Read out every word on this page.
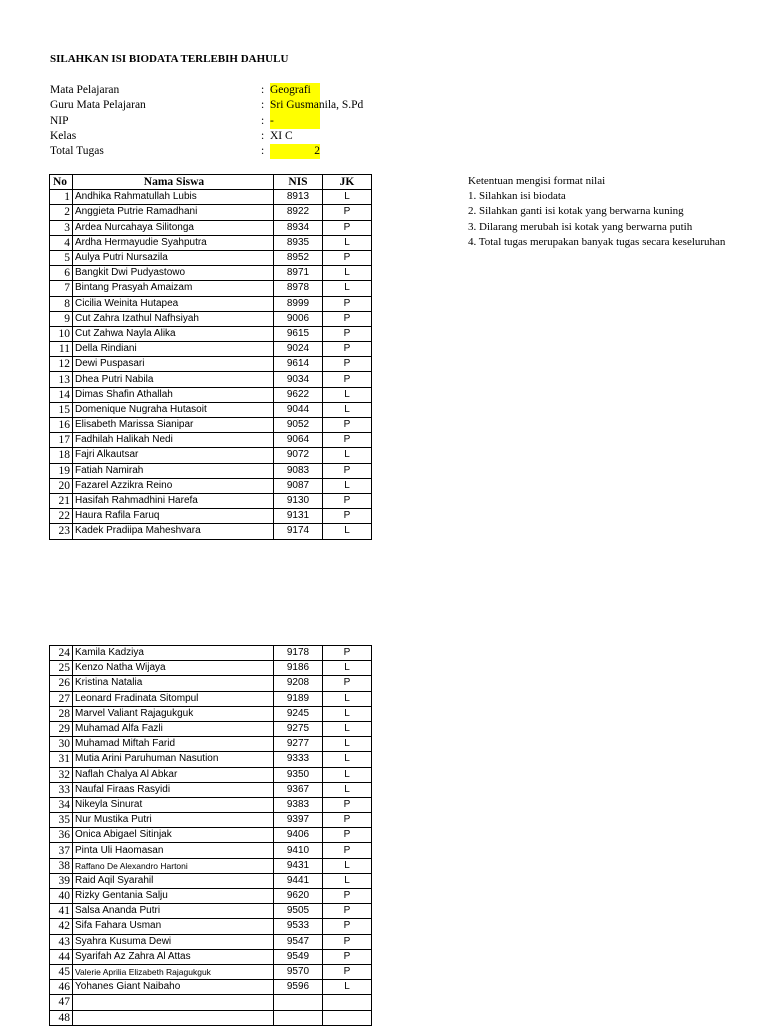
SILAHKAN ISI BIODATA TERLEBIH DAHULU
Mata Pelajaran	: Geografi
Guru Mata Pelajaran	: Sri Gusmanila, S.Pd
NIP	: -
Kelas	: XI C
Total Tugas	:	2
Ketentuan mengisi format nilai
1. Silahkan isi biodata
2. Silahkan ganti isi kotak yang berwarna kuning
3. Dilarang merubah isi kotak yang berwarna putih
4. Total tugas merupakan banyak tugas secara keseluruhan
No	Nama Siswa	NIS	JK
1	Andhika Rahmatullah Lubis	8913	L
2	Anggieta Putrie Ramadhani	8922	P
3	Ardea Nurcahaya Silitonga	8934	P
4	Ardha Hermayudie Syahputra	8935	L
5	Aulya Putri Nursazila	8952	P
6	Bangkit Dwi Pudyastowo	8971	L
7	Bintang Prasyah Amaizam	8978	L
8	Cicilia Weinita Hutapea	8999	P
9	Cut Zahra Izathul Nafhsiyah	9006	P
10	Cut Zahwa Nayla Alika	9615	P
11	Della Rindiani	9024	P
12	Dewi Puspasari	9614	P
13	Dhea Putri Nabila	9034	P
14	Dimas Shafin Athallah	9622	L
15	Domenique Nugraha Hutasoit	9044	L
16	Elisabeth Marissa Sianipar	9052	P
17	Fadhilah Halikah Nedi	9064	P
18	Fajri Alkautsar	9072	L
19	Fatiah Namirah	9083	P
20	Fazarel Azzikra Reino	9087	L
21	Hasifah Rahmadhini Harefa	9130	P
22	Haura Rafila Faruq	9131	P
23	Kadek Pradiipa Maheshvara	9174	L
24	Kamila Kadziya	9178	P
25	Kenzo Natha Wijaya	9186	L
26	Kristina Natalia	9208	P
27	Leonard Fradinata Sitompul	9189	L
28	Marvel Valiant Rajagukguk	9245	L
29	Muhamad Alfa Fazli	9275	L
30	Muhamad Miftah Farid	9277	L
31	Mutia Arini Paruhuman Nasution	9333	L
32	Naflah Chalya Al Abkar	9350	L
33	Naufal Firaas Rasyidi	9367	L
34	Nikeyla Sinurat	9383	P
35	Nur Mustika Putri	9397	P
36	Onica Abigael Sitinjak	9406	P
37	Pinta Uli Haomasan	9410	P
38	Raffano De Alexandro Hartoni	9431	L
39	Raid Aqil Syarahil	9441	L
40	Rizky Gentania Salju	9620	P
41	Salsa Ananda Putri	9505	P
42	Sifa Fahara Usman	9533	P
43	Syahra Kusuma Dewi	9547	P
44	Syarifah Az Zahra Al Attas	9549	P
45	Valerie Aprilia Elizabeth Rajagukguk	9570	P
46	Yohanes Giant Naibaho	9596	L
47			
48			
